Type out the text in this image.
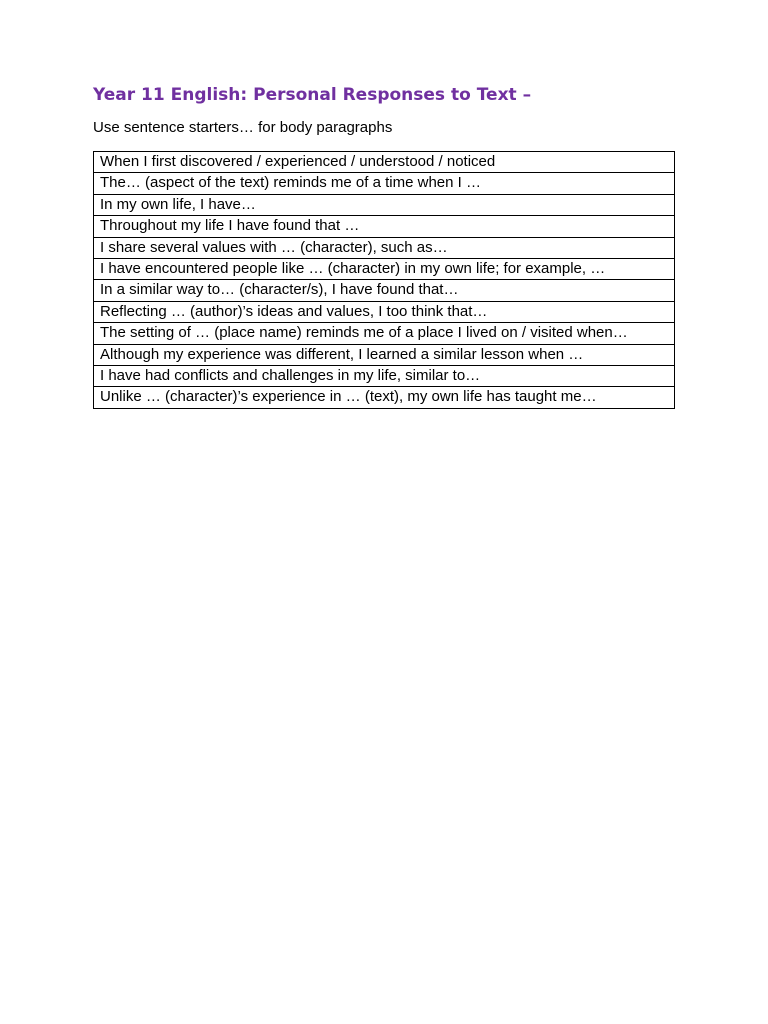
Year 11 English: Personal Responses to Text –

Use sentence starters… for body paragraphs

When I first discovered / experienced / understood / noticed
The… (aspect of the text) reminds me of a time when I …
In my own life, I have…
Throughout my life I have found that …
I share several values with … (character), such as…
I have encountered people like … (character) in my own life; for example, …
In a similar way to… (character/s), I have found that…
Reflecting … (author)’s ideas and values, I too think that…
The setting of … (place name) reminds me of a place I lived on / visited when…
Although my experience was different, I learned a similar lesson when …
I have had conflicts and challenges in my life, similar to…
Unlike … (character)’s experience in … (text), my own life has taught me…
